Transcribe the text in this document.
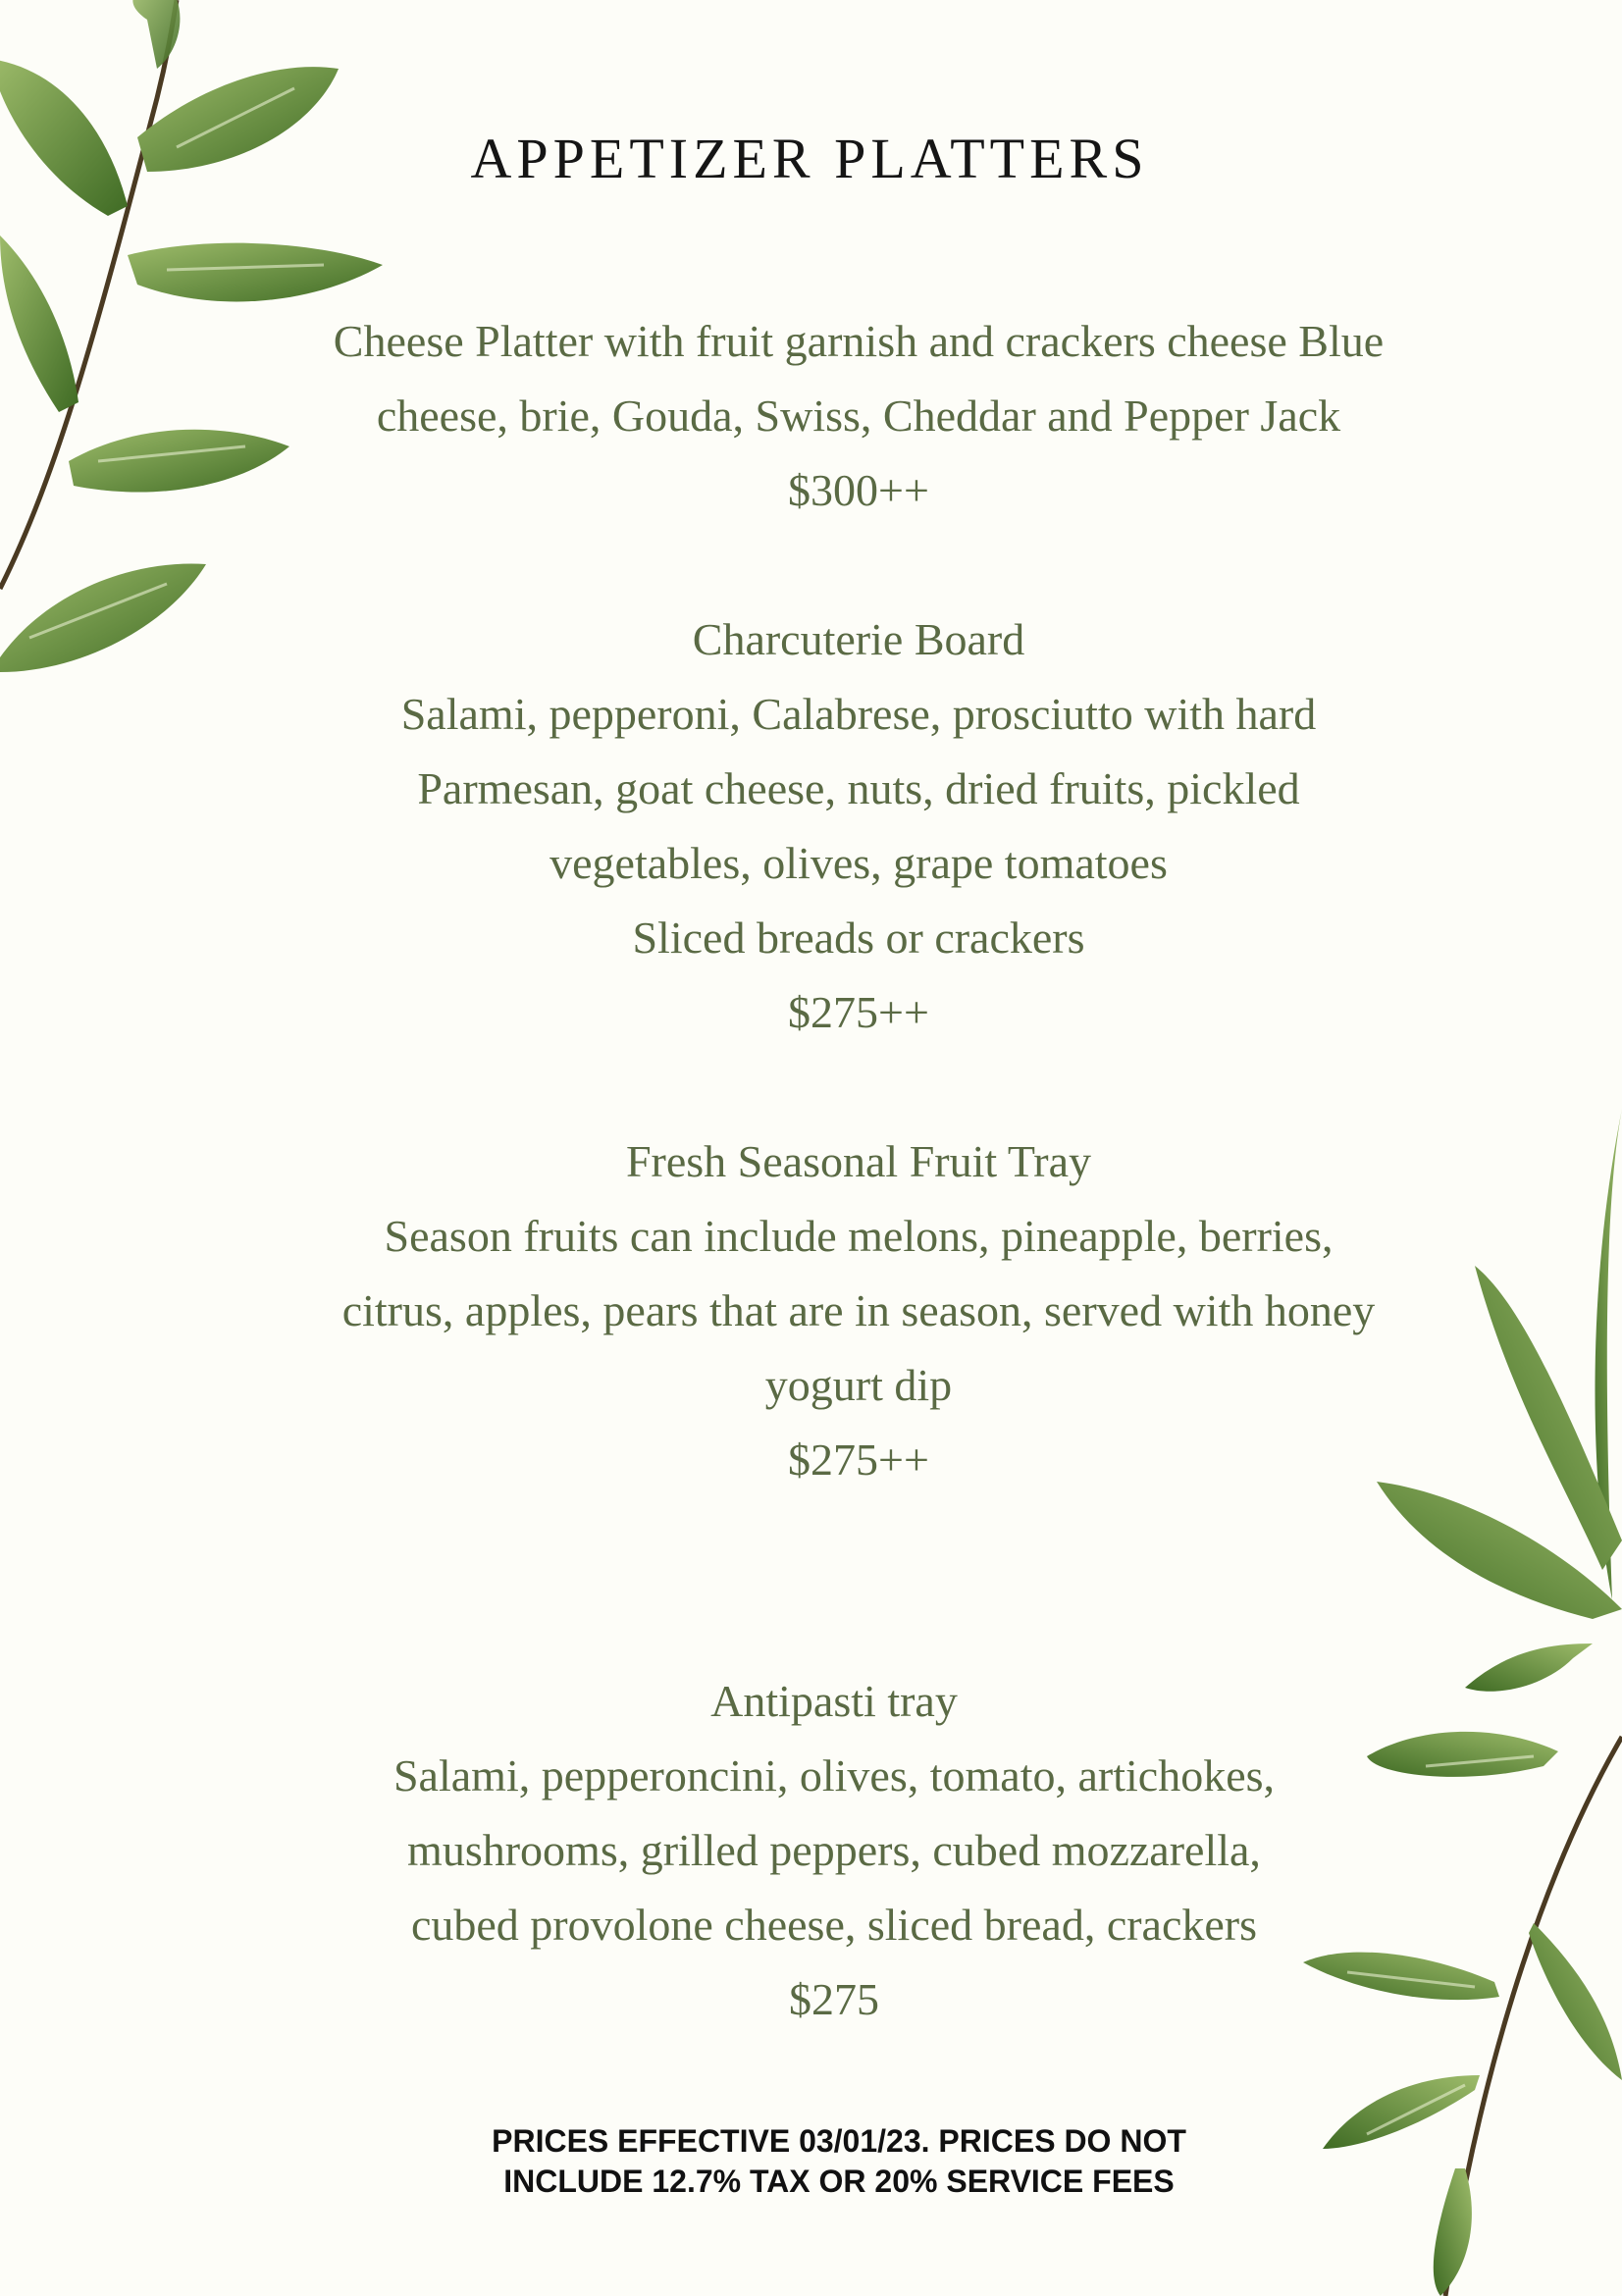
APPETIZER PLATTERS
Cheese Platter with fruit garnish and crackers cheese Blue
cheese, brie, Gouda, Swiss, Cheddar and Pepper Jack
$300++
Charcuterie Board
Salami, pepperoni, Calabrese, prosciutto with hard
Parmesan, goat cheese, nuts, dried fruits, pickled
vegetables, olives, grape tomatoes
Sliced breads or crackers
$275++
Fresh Seasonal Fruit Tray
Season fruits can include melons, pineapple, berries,
citrus, apples, pears that are in season, served with honey
yogurt dip
$275++
Antipasti tray
Salami, pepperoncini, olives, tomato, artichokes,
mushrooms, grilled peppers, cubed mozzarella,
cubed provolone cheese, sliced bread, crackers
$275
PRICES EFFECTIVE 03/01/23. PRICES DO NOT
INCLUDE 12.7% TAX OR 20% SERVICE FEES
